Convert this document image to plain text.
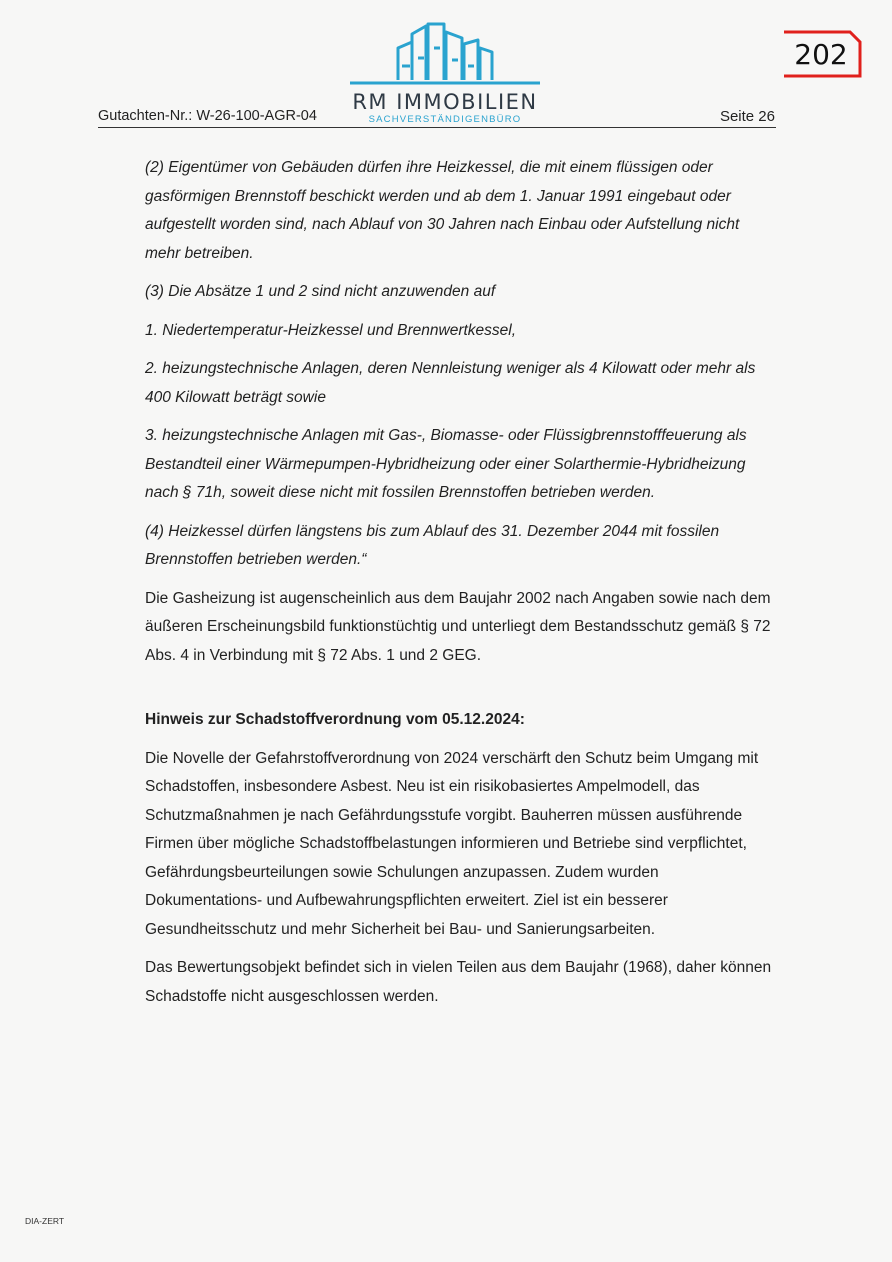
202
RM IMMOBILIEN
SACHVERSTÄNDIGENBÜRO
Gutachten-Nr.: W-26-100-AGR-04	Seite 26

(2) Eigentümer von Gebäuden dürfen ihre Heizkessel, die mit einem flüssigen oder gasförmigen Brennstoff beschickt werden und ab dem 1. Januar 1991 eingebaut oder aufgestellt worden sind, nach Ablauf von 30 Jahren nach Einbau oder Aufstellung nicht mehr betreiben.

(3) Die Absätze 1 und 2 sind nicht anzuwenden auf

1. Niedertemperatur-Heizkessel und Brennwertkessel,

2. heizungstechnische Anlagen, deren Nennleistung weniger als 4 Kilowatt oder mehr als 400 Kilowatt beträgt sowie

3. heizungstechnische Anlagen mit Gas-, Biomasse- oder Flüssigbrennstofffeuerung als Bestandteil einer Wärmepumpen-Hybridheizung oder einer Solarthermie-Hybridheizung nach § 71h, soweit diese nicht mit fossilen Brennstoffen betrieben werden.

(4) Heizkessel dürfen längstens bis zum Ablauf des 31. Dezember 2044 mit fossilen Brennstoffen betrieben werden.“

Die Gasheizung ist augenscheinlich aus dem Baujahr 2002 nach Angaben sowie nach dem äußeren Erscheinungsbild funktionstüchtig und unterliegt dem Bestandsschutz gemäß § 72 Abs. 4 in Verbindung mit § 72 Abs. 1 und 2 GEG.

Hinweis zur Schadstoffverordnung vom 05.12.2024:

Die Novelle der Gefahrstoffverordnung von 2024 verschärft den Schutz beim Umgang mit Schadstoffen, insbesondere Asbest. Neu ist ein risikobasiertes Ampelmodell, das Schutzmaßnahmen je nach Gefährdungsstufe vorgibt. Bauherren müssen ausführende Firmen über mögliche Schadstoffbelastungen informieren und Betriebe sind verpflichtet, Gefährdungsbeurteilungen sowie Schulungen anzupassen. Zudem wurden Dokumentations- und Aufbewahrungspflichten erweitert. Ziel ist ein besserer Gesundheitsschutz und mehr Sicherheit bei Bau- und Sanierungsarbeiten.

Das Bewertungsobjekt befindet sich in vielen Teilen aus dem Baujahr (1968), daher können Schadstoffe nicht ausgeschlossen werden.

DIA-ZERT
